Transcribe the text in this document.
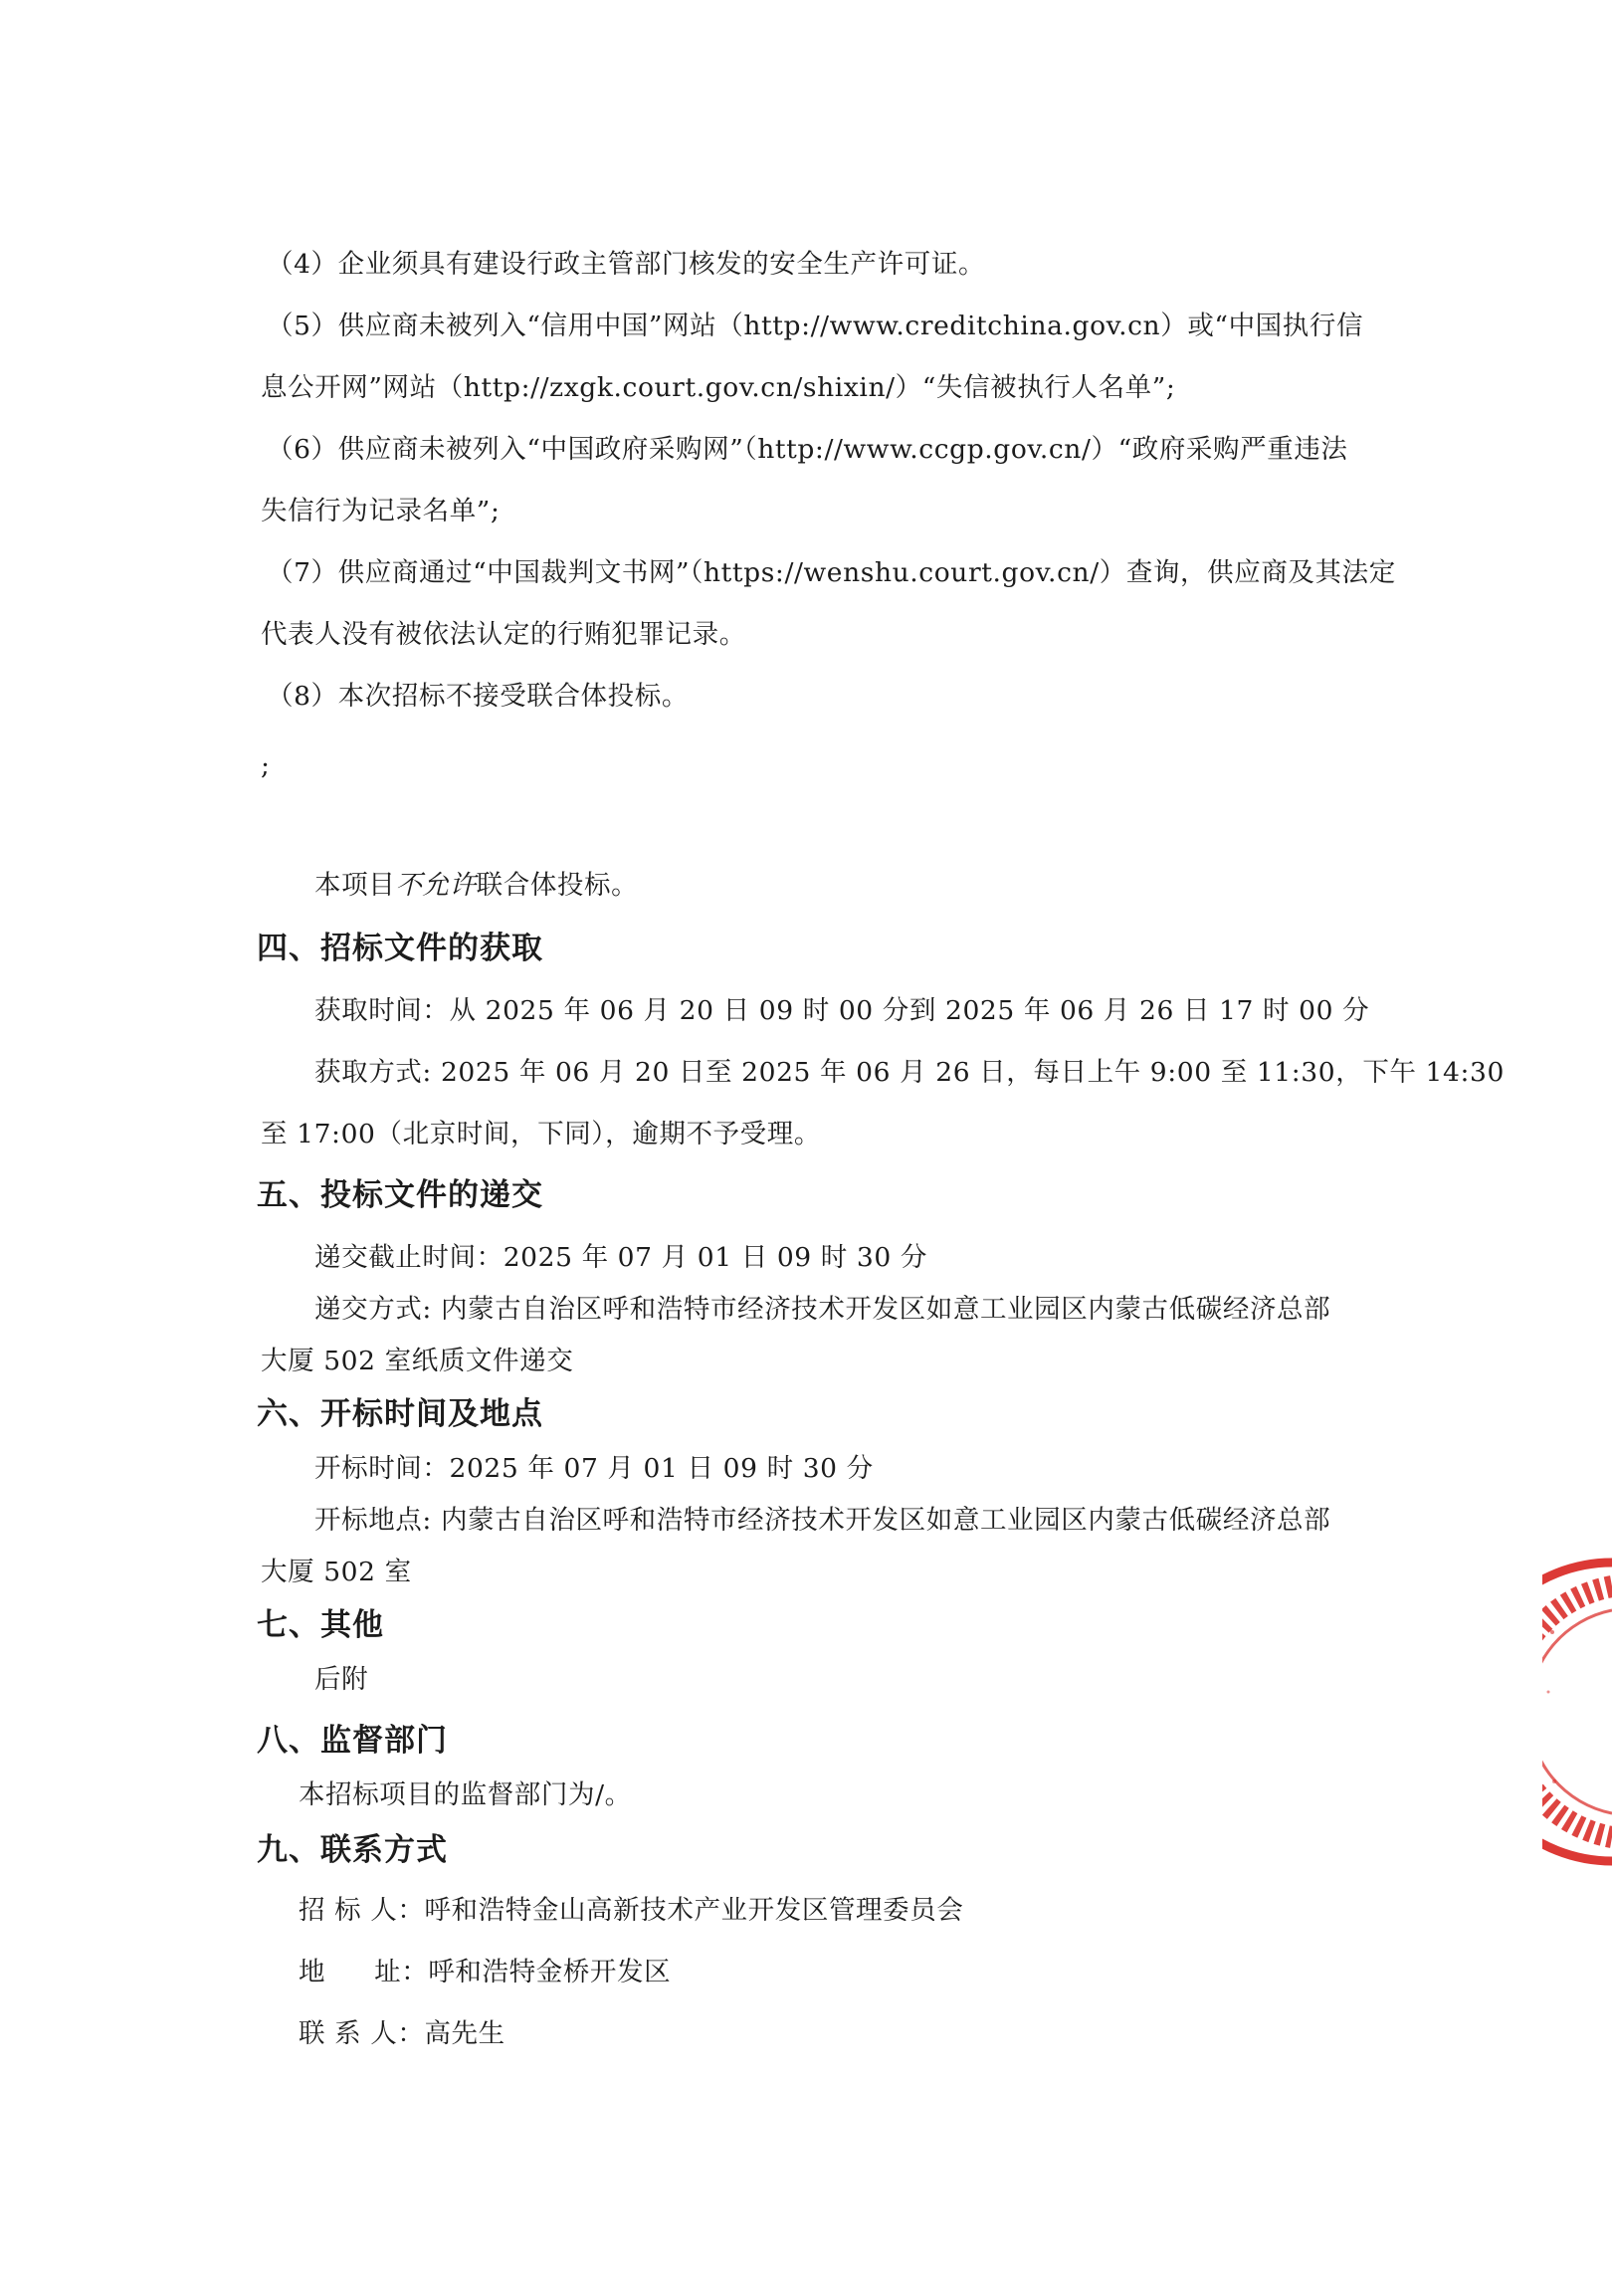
（4）企业须具有建设行政主管部门核发的安全生产许可证。

（5）供应商未被列入“信用中国”网站（http://www.creditchina.gov.cn）或“中国执行信

息公开网”网站（http://zxgk.court.gov.cn/shixin/）“失信被执行人名单”;

（6）供应商未被列入“中国政府采购网”（http://www.ccgp.gov.cn/）“政府采购严重违法

失信行为记录名单”;

（7）供应商通过“中国裁判文书网”（https://wenshu.court.gov.cn/）查询，供应商及其法定

代表人没有被依法认定的行贿犯罪记录。

（8）本次招标不接受联合体投标。

;

本项目不允许联合体投标。

四、招标文件的获取

获取时间：从 2025 年 06 月 20 日 09 时 00 分到 2025 年 06 月 26 日 17 时 00 分

获取方式: 2025 年 06 月 20 日至 2025 年 06 月 26 日，每日上午 9:00 至 11:30，下午 14:30

至 17:00（北京时间，下同），逾期不予受理。

五、投标文件的递交

递交截止时间：2025 年 07 月 01 日 09 时 30 分

递交方式: 内蒙古自治区呼和浩特市经济技术开发区如意工业园区内蒙古低碳经济总部

大厦 502 室纸质文件递交

六、开标时间及地点

开标时间：2025 年 07 月 01 日 09 时 30 分

开标地点: 内蒙古自治区呼和浩特市经济技术开发区如意工业园区内蒙古低碳经济总部

大厦 502 室

七、其他

后附

八、监督部门

本招标项目的监督部门为/。

九、联系方式

招 标 人：呼和浩特金山高新技术产业开发区管理委员会

地 址：呼和浩特金桥开发区

联 系 人：高先生
